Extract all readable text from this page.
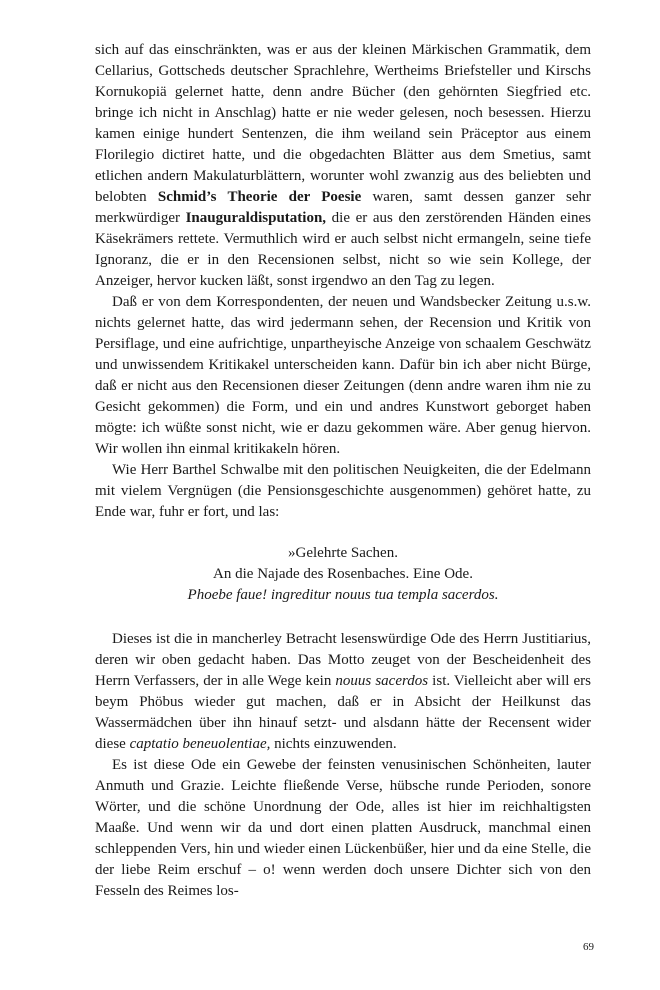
sich auf das einschränkten, was er aus der kleinen Märkischen Grammatik, dem Cellarius, Gottscheds deutscher Sprachlehre, Wertheims Briefsteller und Kirschs Kornukopiä gelernet hatte, denn andre Bücher (den gehörnten Siegfried etc. bringe ich nicht in Anschlag) hatte er nie weder gelesen, noch besessen. Hierzu kamen einige hundert Sentenzen, die ihm weiland sein Präceptor aus einem Florilegio dictiret hatte, und die obgedachten Blätter aus dem Smetius, samt etlichen andern Makulaturblättern, worunter wohl zwanzig aus des beliebten und belobten Schmid’s Theorie der Poesie waren, samt dessen ganzer sehr merkwürdiger Inauguraldisputation, die er aus den zerstörenden Händen eines Käsekrämers rettete. Vermuthlich wird er auch selbst nicht ermangeln, seine tiefe Ignoranz, die er in den Recensionen selbst, nicht so wie sein Kollege, der Anzeiger, hervor kucken läßt, sonst irgendwo an den Tag zu legen.

Daß er von dem Korrespondenten, der neuen und Wandsbecker Zeitung u.s.w. nichts gelernet hatte, das wird jedermann sehen, der Recension und Kritik von Persiflage, und eine aufrichtige, unpartheyische Anzeige von schaalem Geschwätz und unwissendem Kritikakel unterscheiden kann. Dafür bin ich aber nicht Bürge, daß er nicht aus den Recensionen dieser Zeitungen (denn andre waren ihm nie zu Gesicht gekommen) die Form, und ein und andres Kunstwort geborget haben mögte: ich wüßte sonst nicht, wie er dazu gekommen wäre. Aber genug hiervon. Wir wollen ihn einmal kritikakeln hören.

Wie Herr Barthel Schwalbe mit den politischen Neuigkeiten, die der Edelmann mit vielem Vergnügen (die Pensionsgeschichte ausgenommen) gehöret hatte, zu Ende war, fuhr er fort, und las:

»Gelehrte Sachen.
An die Najade des Rosenbaches. Eine Ode.
Phoebe faue! ingreditur nouus tua templa sacerdos.

Dieses ist die in mancherley Betracht lesenswürdige Ode des Herrn Justitiarius, deren wir oben gedacht haben. Das Motto zeuget von der Bescheidenheit des Herrn Verfassers, der in alle Wege kein nouus sacerdos ist. Vielleicht aber will ers beym Phöbus wieder gut machen, daß er in Absicht der Heilkunst das Wassermädchen über ihn hinauf setzt- und alsdann hätte der Recensent wider diese captatio beneuolentiae, nichts einzuwenden.

Es ist diese Ode ein Gewebe der feinsten venusinischen Schönheiten, lauter Anmuth und Grazie. Leichte fließende Verse, hübsche runde Perioden, sonore Wörter, und die schöne Unordnung der Ode, alles ist hier im reichhaltigsten Maaße. Und wenn wir da und dort einen platten Ausdruck, manchmal einen schleppenden Vers, hin und wieder einen Lückenbüßer, hier und da eine Stelle, die der liebe Reim erschuf – o! wenn werden doch unsere Dichter sich von den Fesseln des Reimes los-

69
